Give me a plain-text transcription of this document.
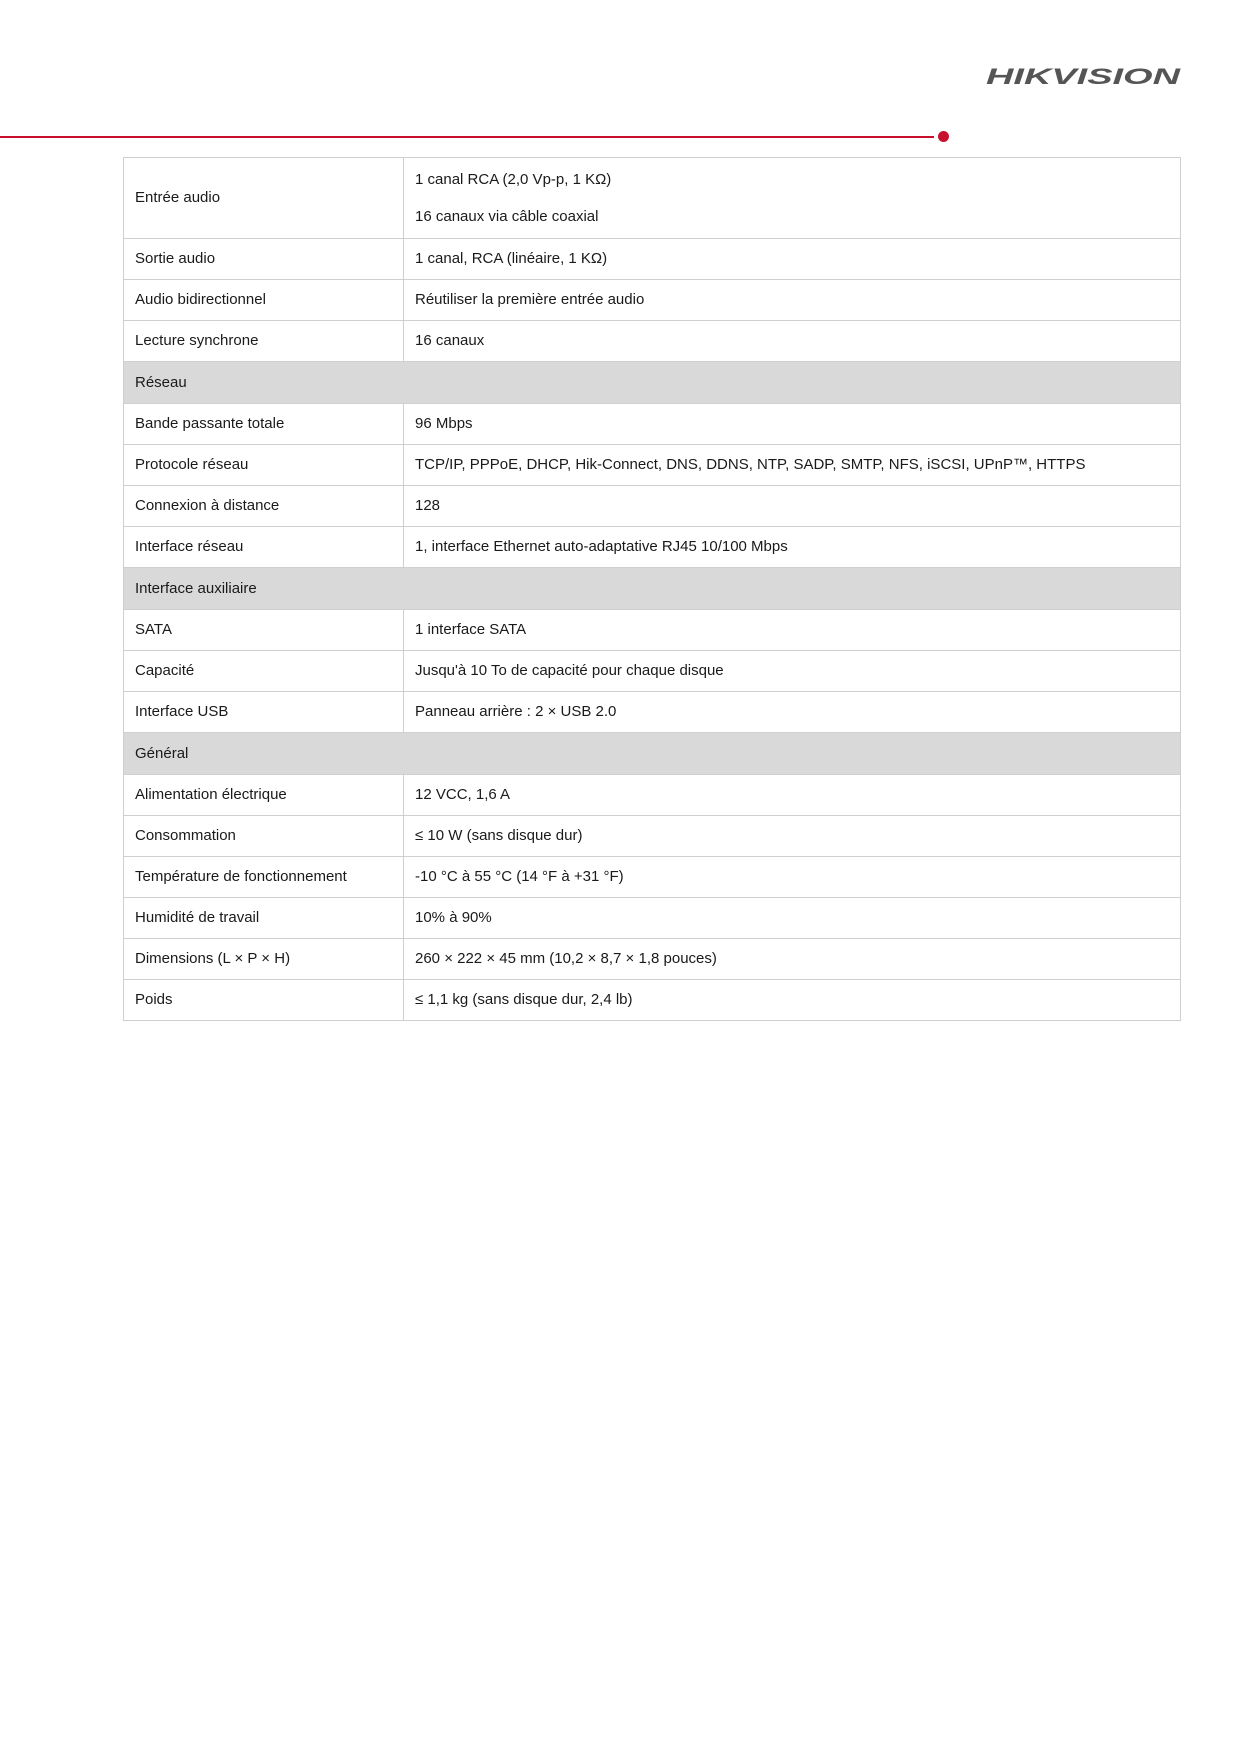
HIKVISION
Entrée audio	1 canal RCA (2,0 Vp-p, 1 KΩ)
16 canaux via câble coaxial

Sortie audio	1 canal, RCA (linéaire, 1 KΩ)
Audio bidirectionnel	Réutiliser la première entrée audio
Lecture synchrone	16 canaux
Réseau	
Bande passante totale	96 Mbps
Protocole réseau	TCP/IP, PPPoE, DHCP, Hik-Connect, DNS, DDNS, NTP, SADP, SMTP, NFS, iSCSI, UPnP™, HTTPS
Connexion à distance	128
Interface réseau	1, interface Ethernet auto-adaptative RJ45 10/100 Mbps
Interface auxiliaire	
SATA	1 interface SATA
Capacité	Jusqu'à 10 To de capacité pour chaque disque
Interface USB	Panneau arrière : 2 × USB 2.0
Général	
Alimentation électrique	12 VCC, 1,6 A
Consommation	≤ 10 W (sans disque dur)
Température de fonctionnement	-10 °C à 55 °C (14 °F à +31 °F)
Humidité de travail	10% à 90%
Dimensions (L × P × H)	260 × 222 × 45 mm (10,2 × 8,7 × 1,8 pouces)
Poids	≤ 1,1 kg (sans disque dur, 2,4 lb)
